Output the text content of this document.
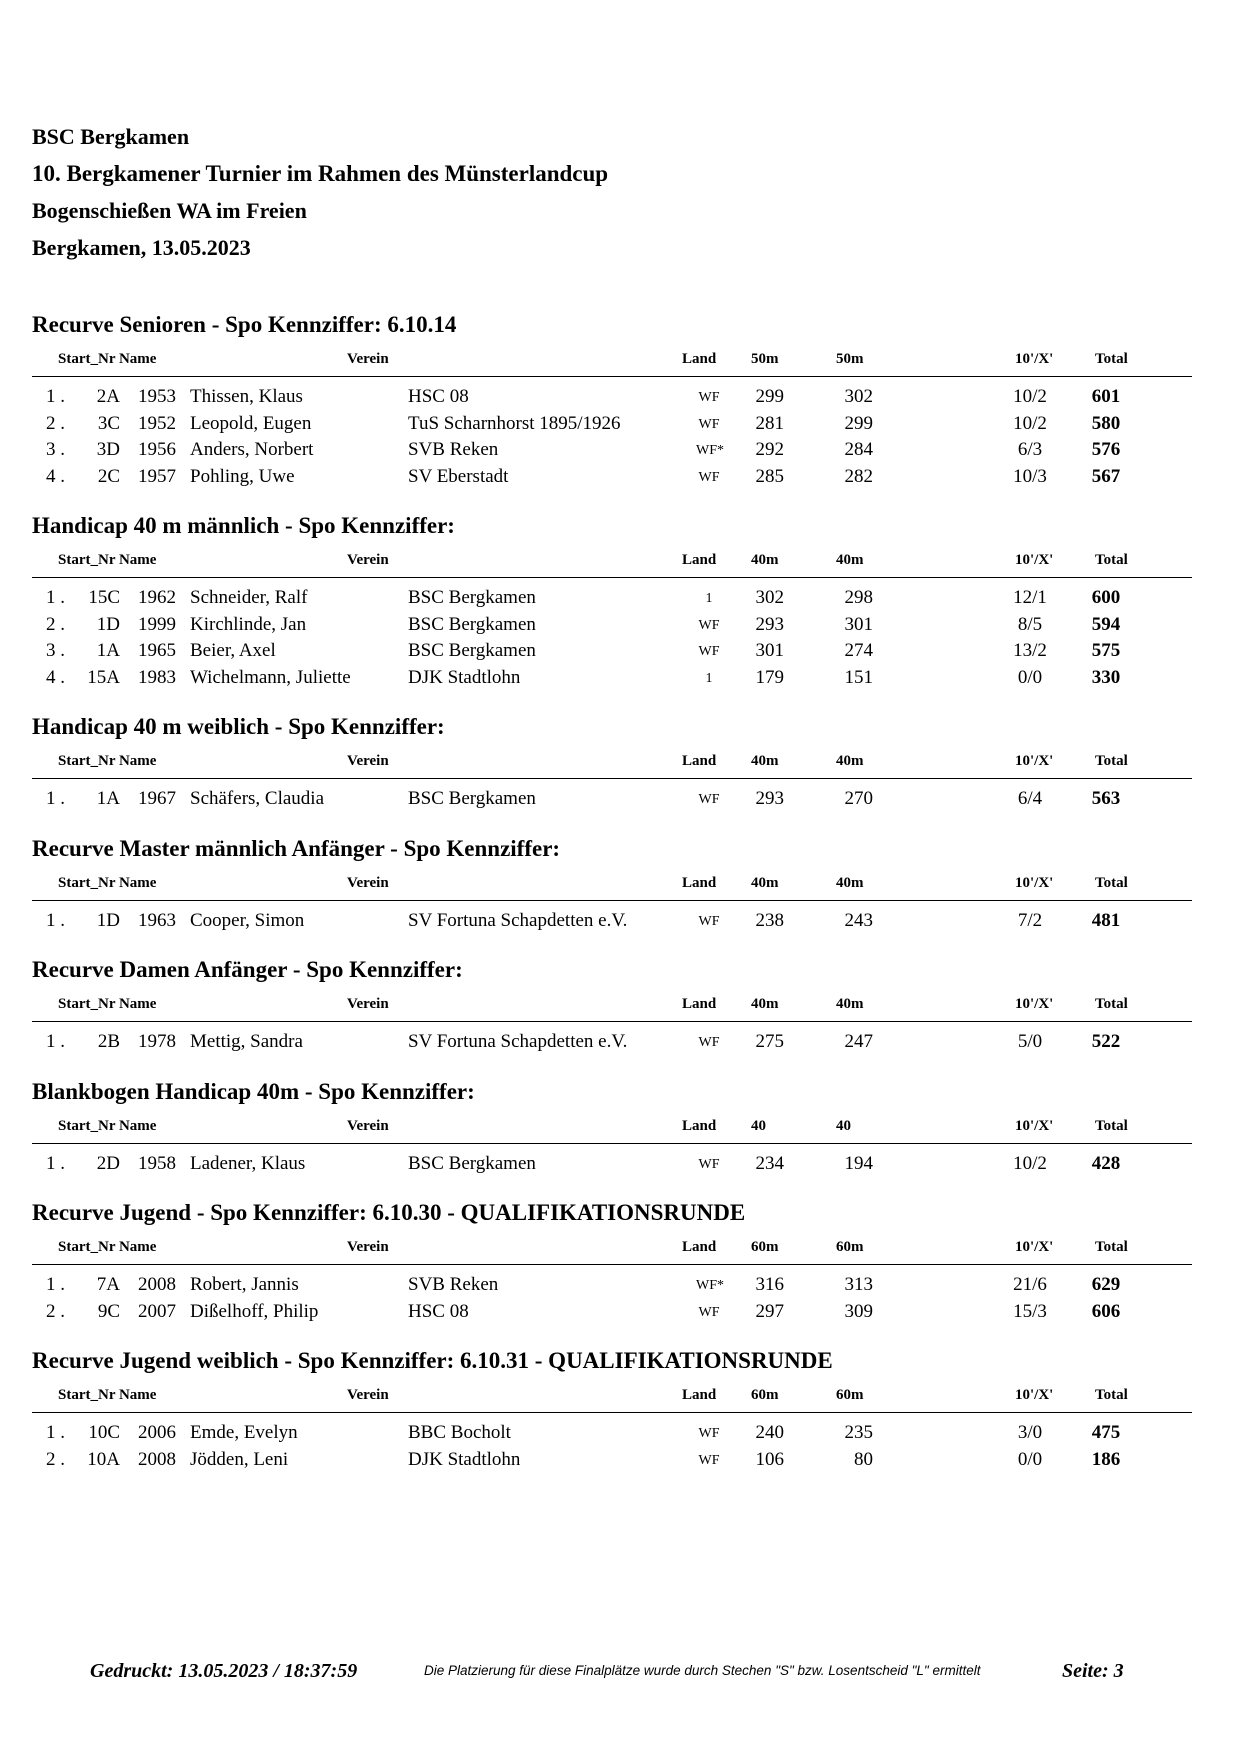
BSC Bergkamen
10. Bergkamener Turnier im Rahmen des Münsterlandcup
Bogenschießen WA im Freien
Bergkamen, 13.05.2023
Recurve Senioren - Spo Kennziffer: 6.10.14
Start_Nr Name	Verein	Land 50m	50m	10'/X'	Total
1 .	2A 1953 Thissen, Klaus	HSC 08	WF	299	302	10/2	601
2 .	3C 1952 Leopold, Eugen	TuS Scharnhorst 1895/1926	WF	281	299	10/2	580
3 .	3D 1956 Anders, Norbert	SVB Reken	WF*	292	284	6/3	576
4 .	2C 1957 Pohling, Uwe	SV Eberstadt	WF	285	282	10/3	567
Handicap 40 m männlich - Spo Kennziffer:
Start_Nr Name	Verein	Land 40m	40m	10'/X'	Total
1 .	15C 1962 Schneider, Ralf	BSC Bergkamen	1	302	298	12/1	600
2 .	1D 1999 Kirchlinde, Jan	BSC Bergkamen	WF	293	301	8/5	594
3 .	1A 1965 Beier, Axel	BSC Bergkamen	WF	301	274	13/2	575
4 .	15A 1983 Wichelmann, Juliette	DJK Stadtlohn	1	179	151	0/0	330
Handicap 40 m weiblich - Spo Kennziffer:
Start_Nr Name	Verein	Land 40m	40m	10'/X'	Total
1 .	1A 1967 Schäfers, Claudia	BSC Bergkamen	WF	293	270	6/4	563
Recurve Master männlich Anfänger - Spo Kennziffer:
Start_Nr Name	Verein	Land 40m	40m	10'/X'	Total
1 .	1D 1963 Cooper, Simon	SV Fortuna Schapdetten e.V.	WF	238	243	7/2	481
Recurve Damen Anfänger - Spo Kennziffer:
Start_Nr Name	Verein	Land 40m	40m	10'/X'	Total
1 .	2B 1978 Mettig, Sandra	SV Fortuna Schapdetten e.V.	WF	275	247	5/0	522
Blankbogen Handicap 40m - Spo Kennziffer:
Start_Nr Name	Verein	Land 40	40	10'/X'	Total
1 .	2D 1958 Ladener, Klaus	BSC Bergkamen	WF	234	194	10/2	428
Recurve Jugend - Spo Kennziffer: 6.10.30 - QUALIFIKATIONSRUNDE
Start_Nr Name	Verein	Land 60m	60m	10'/X'	Total
1 .	7A 2008 Robert, Jannis	SVB Reken	WF*	316	313	21/6	629
2 .	9C 2007 Dißelhoff, Philip	HSC 08	WF	297	309	15/3	606
Recurve Jugend weiblich - Spo Kennziffer: 6.10.31 - QUALIFIKATIONSRUNDE
Start_Nr Name	Verein	Land 60m	60m	10'/X'	Total
1 .	10C 2006 Emde, Evelyn	BBC Bocholt	WF	240	235	3/0	475
2 .	10A 2008 Jödden, Leni	DJK Stadtlohn	WF	106	80	0/0	186
Gedruckt: 13.05.2023 / 18:37:59	Die Platzierung für diese Finalplätze wurde durch Stechen "S" bzw. Losentscheid "L" ermittelt	Seite: 3
